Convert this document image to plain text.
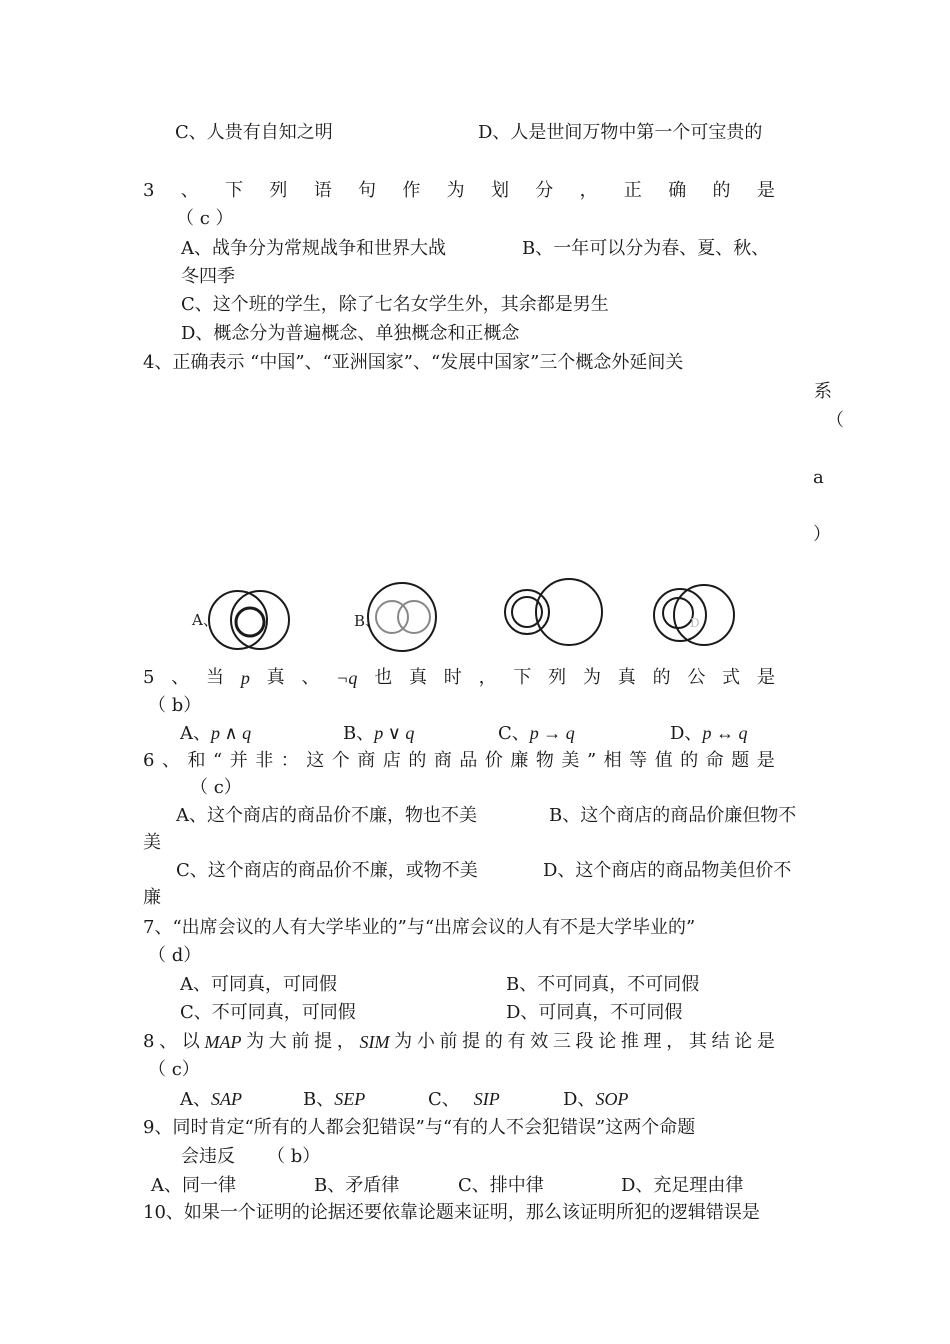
C、人贵有自知之明	D、人是世间万物中第一个可宝贵的
3 、 下 列 语 句 作 为 划 分 ， 正 确 的 是
（ c ）
A、战争分为常规战争和世界大战	B、一年可以分为春、夏、秋、
冬四季
C、这个班的学生，除了七名女学生外，其余都是男生
D、概念分为普遍概念、单独概念和正概念
4、正确表示 “中国”、“亚洲国家”、“发展中国家”三个概念外延间关
系
（
a
）
A、	B、	D
5 、 当 p 真 、 ¬q 也 真 时 ， 下 列 为 真 的 公 式 是
（ b）
A、p ∧ q	B、p ∨ q	C、p → q	D、p ↔ q
6 、 和 “ 并 非 ： 这 个 商 店 的 商 品 价 廉 物 美 ” 相 等 值 的 命 题 是
（ c）
A、这个商店的商品价不廉，物也不美	B、这个商店的商品价廉但物不
美
C、这个商店的商品价不廉，或物不美	D、这个商店的商品物美但价不
廉
7、“出席会议的人有大学毕业的”与“出席会议的人有不是大学毕业的”
（ d）
A、可同真，可同假	B、不可同真，不可同假
C、不可同真，可同假	D、可同真，不可同假
8 、 以 MAP 为 大 前 提 ， SIM 为 小 前 提 的 有 效 三 段 论 推 理 ， 其 结 论 是
（ c）
A、SAP	B、SEP	C、 SIP	D、SOP
9、同时肯定“所有的人都会犯错误”与“有的人不会犯错误”这两个命题
会违反 （ b）
A、同一律	B、矛盾律	C、排中律	D、充足理由律
10、如果一个证明的论据还要依靠论题来证明，那么该证明所犯的逻辑错误是
